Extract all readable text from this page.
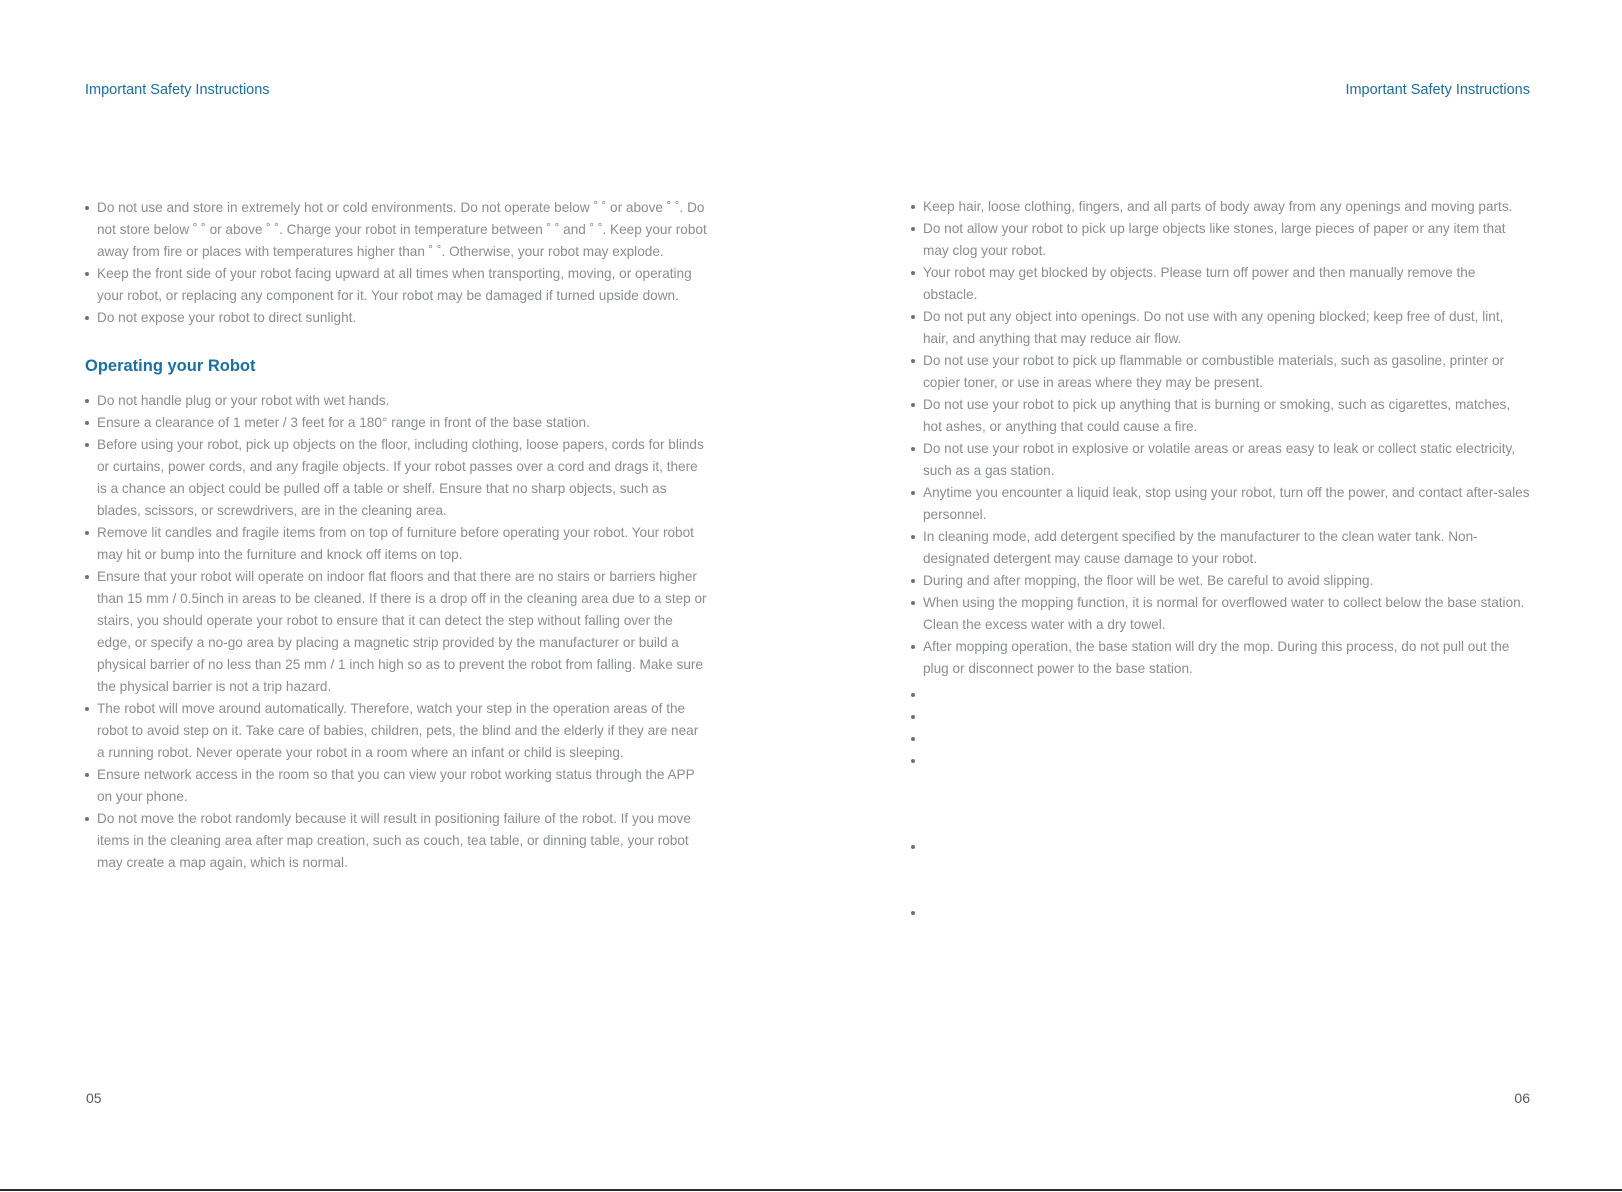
Important Safety Instructions
Do not use and store in extremely hot or cold environments. Do not operate below ˚ ˚ or above ˚ ˚. Do not store below ˚ ˚ or above ˚ ˚. Charge your robot in temperature between ˚ ˚ and ˚ ˚. Keep your robot away from fire or places with temperatures higher than ˚ ˚. Otherwise, your robot may explode.
Keep the front side of your robot facing upward at all times when transporting, moving, or operating your robot, or replacing any component for it. Your robot may be damaged if turned upside down.
Do not expose your robot to direct sunlight.
Operating your Robot
Do not handle plug or your robot with wet hands.
Ensure a clearance of 1 meter / 3 feet for a 180° range in front of the base station.
Before using your robot, pick up objects on the floor, including clothing, loose papers, cords for blinds or curtains, power cords, and any fragile objects. If your robot passes over a cord and drags it, there is a chance an object could be pulled off a table or shelf. Ensure that no sharp objects, such as blades, scissors, or screwdrivers, are in the cleaning area.
Remove lit candles and fragile items from on top of furniture before operating your robot. Your robot may hit or bump into the furniture and knock off items on top.
Ensure that your robot will operate on indoor flat floors and that there are no stairs or barriers higher than 15 mm / 0.5inch in areas to be cleaned. If there is a drop off in the cleaning area due to a step or stairs, you should operate your robot to ensure that it can detect the step without falling over the edge, or specify a no-go area by placing a magnetic strip provided by the manufacturer or build a physical barrier of no less than 25 mm / 1 inch high so as to prevent the robot from falling. Make sure the physical barrier is not a trip hazard.
The robot will move around automatically. Therefore, watch your step in the operation areas of the robot to avoid step on it. Take care of babies, children, pets, the blind and the elderly if they are near a running robot. Never operate your robot in a room where an infant or child is sleeping.
Ensure network access in the room so that you can view your robot working status through the APP on your phone.
Do not move the robot randomly because it will result in positioning failure of the robot. If you move items in the cleaning area after map creation, such as couch, tea table, or dinning table, your robot may create a map again, which is normal.
05
Important Safety Instructions
Keep hair, loose clothing, fingers, and all parts of body away from any openings and moving parts.
Do not allow your robot to pick up large objects like stones, large pieces of paper or any item that may clog your robot.
Your robot may get blocked by objects. Please turn off power and then manually remove the obstacle.
Do not put any object into openings. Do not use with any opening blocked; keep free of dust, lint, hair, and anything that may reduce air flow.
Do not use your robot to pick up flammable or combustible materials, such as gasoline, printer or copier toner, or use in areas where they may be present.
Do not use your robot to pick up anything that is burning or smoking, such as cigarettes, matches, hot ashes, or anything that could cause a fire.
Do not use your robot in explosive or volatile areas or areas easy to leak or collect static electricity, such as a gas station.
Anytime you encounter a liquid leak, stop using your robot, turn off the power, and contact after-sales personnel.
In cleaning mode, add detergent specified by the manufacturer to the clean water tank. Non-designated detergent may cause damage to your robot.
During and after mopping, the floor will be wet. Be careful to avoid slipping.
When using the mopping function, it is normal for overflowed water to collect below the base station. Clean the excess water with a dry towel.
After mopping operation, the base station will dry the mop. During this process, do not pull out the plug or disconnect power to the base station.
06
